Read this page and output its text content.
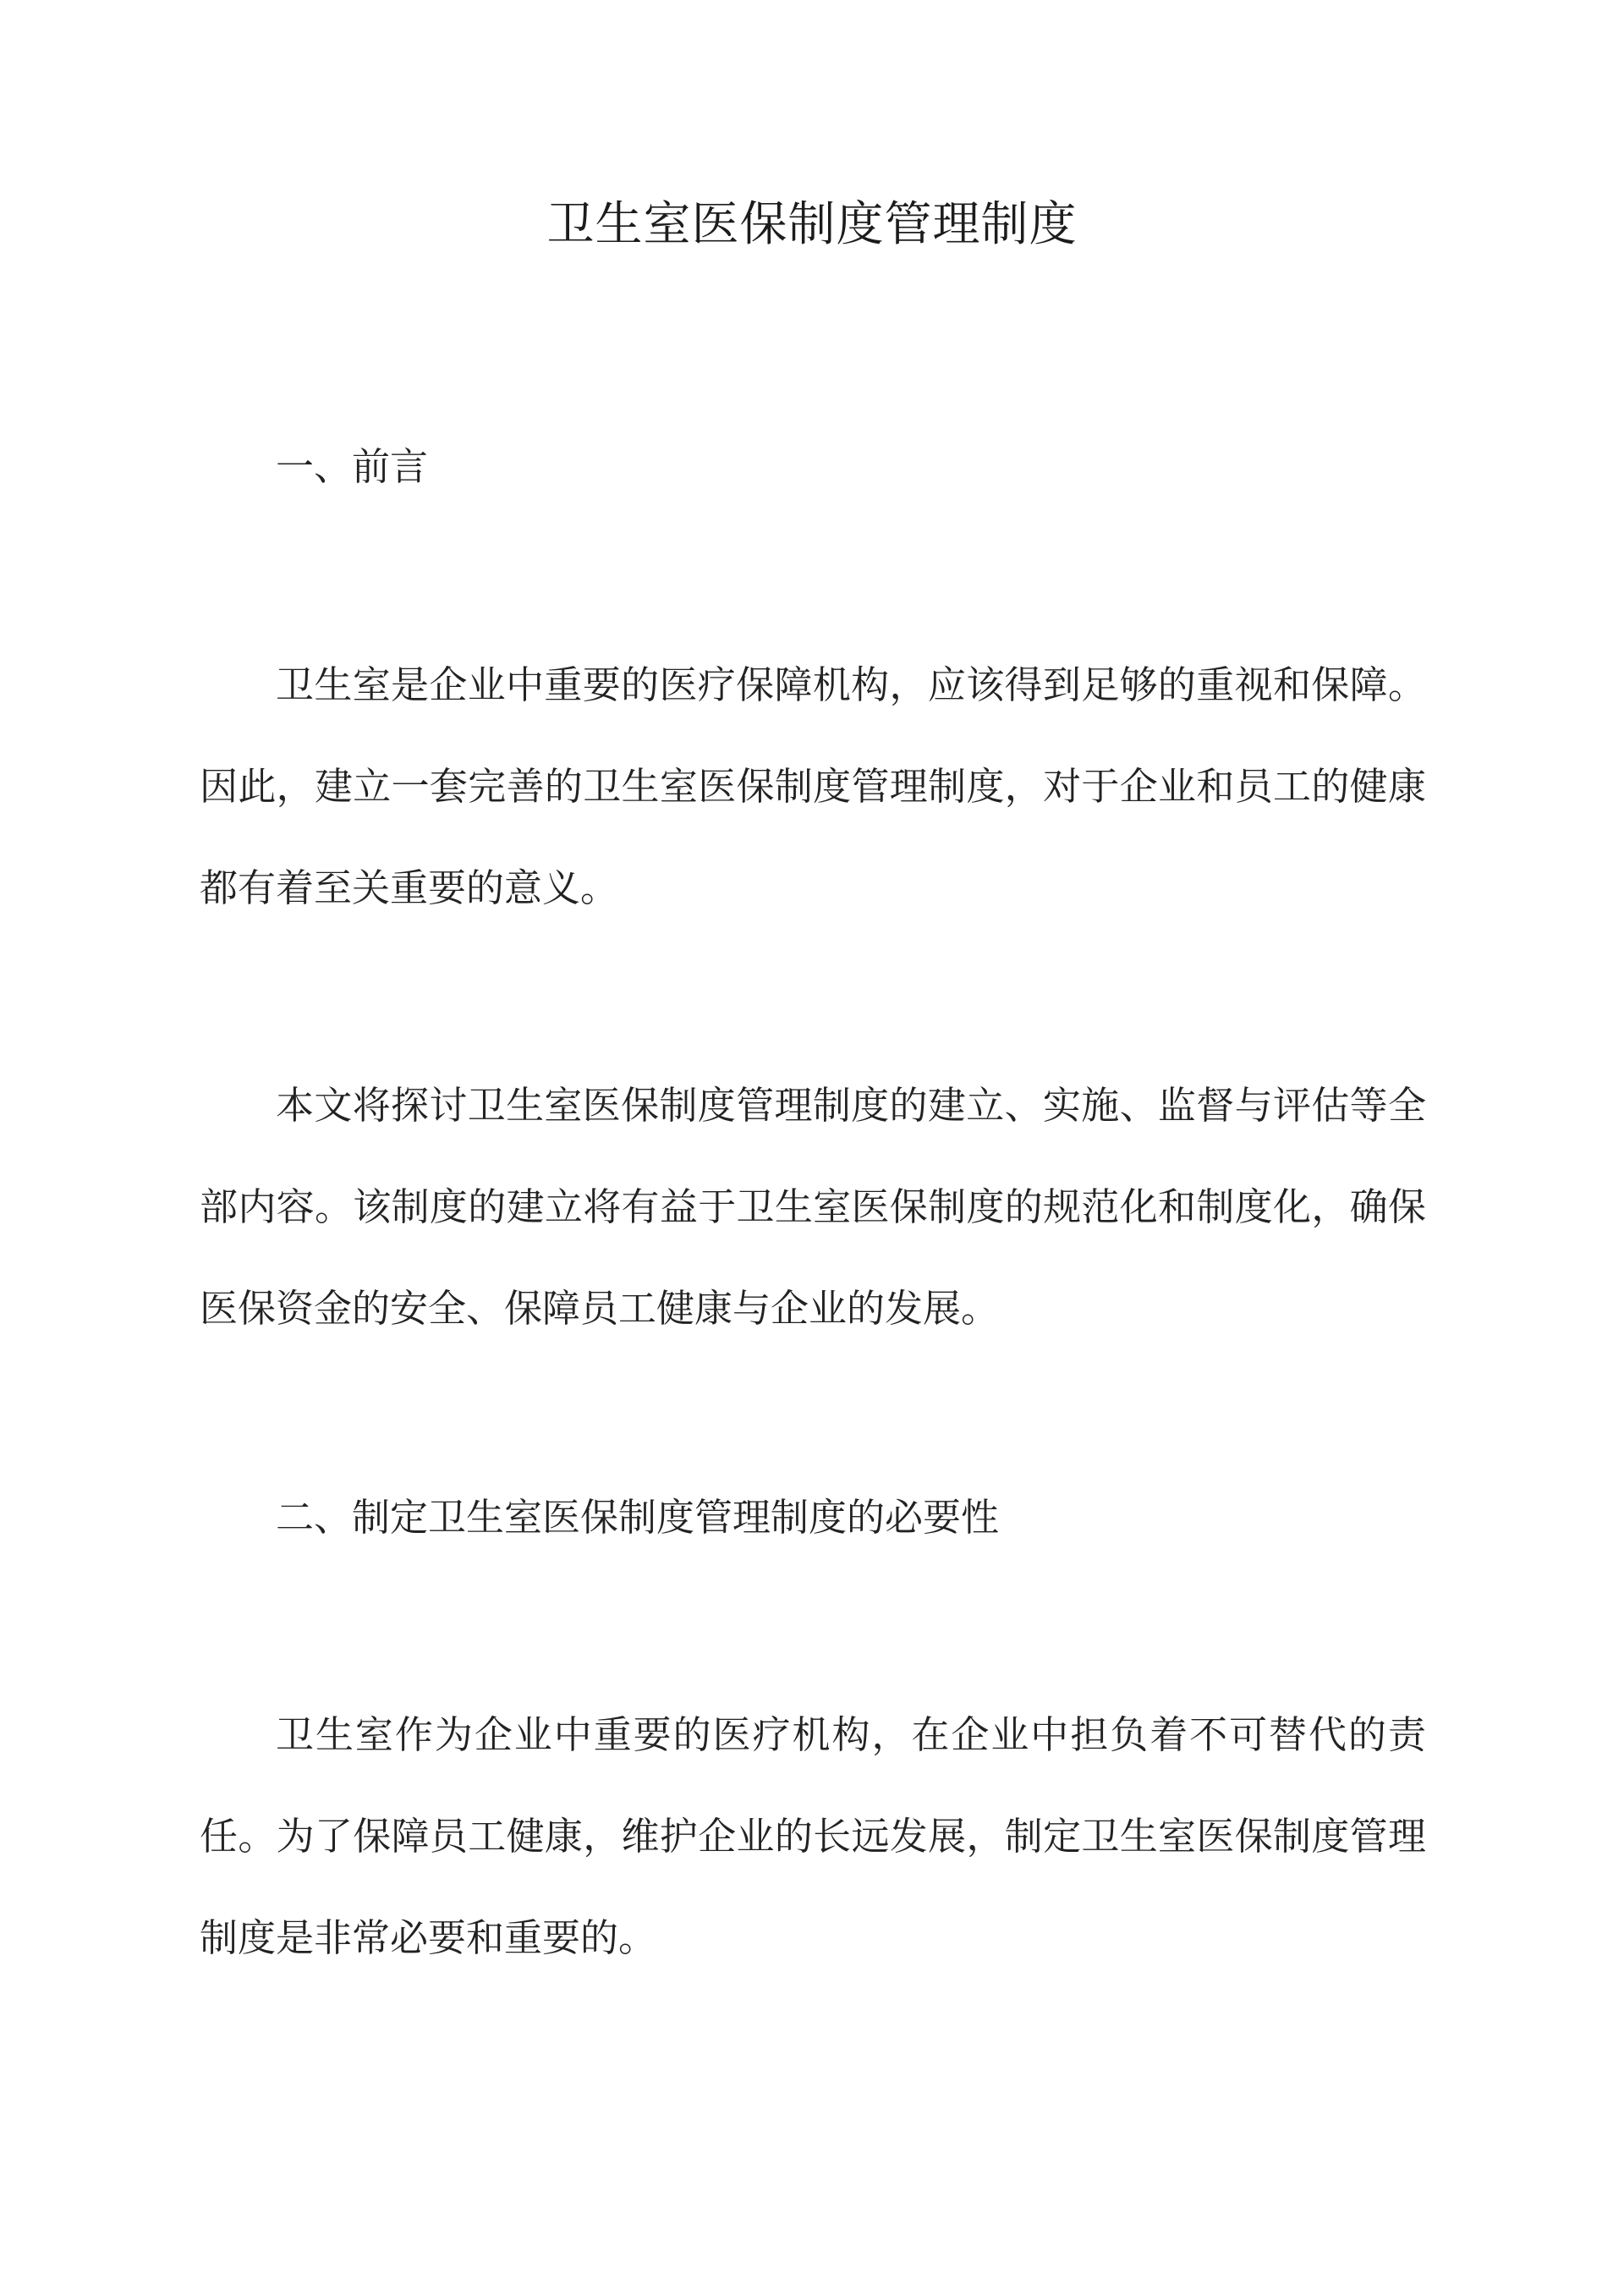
卫生室医保制度管理制度
一、前言

卫生室是企业中重要的医疗保障机构，应该得到足够的重视和保障。因此，建立一套完善的卫生室医保制度管理制度，对于企业和员工的健康都有着至关重要的意义。

本文将探讨卫生室医保制度管理制度的建立、实施、监督与评估等全部内容。该制度的建立将有益于卫生室医保制度的规范化和制度化，确保医保资金的安全、保障员工健康与企业的发展。

二、制定卫生室医保制度管理制度的必要性

卫生室作为企业中重要的医疗机构，在企业中担负着不可替代的责任。为了保障员工健康，维护企业的长远发展，制定卫生室医保制度管理制度是非常必要和重要的。
